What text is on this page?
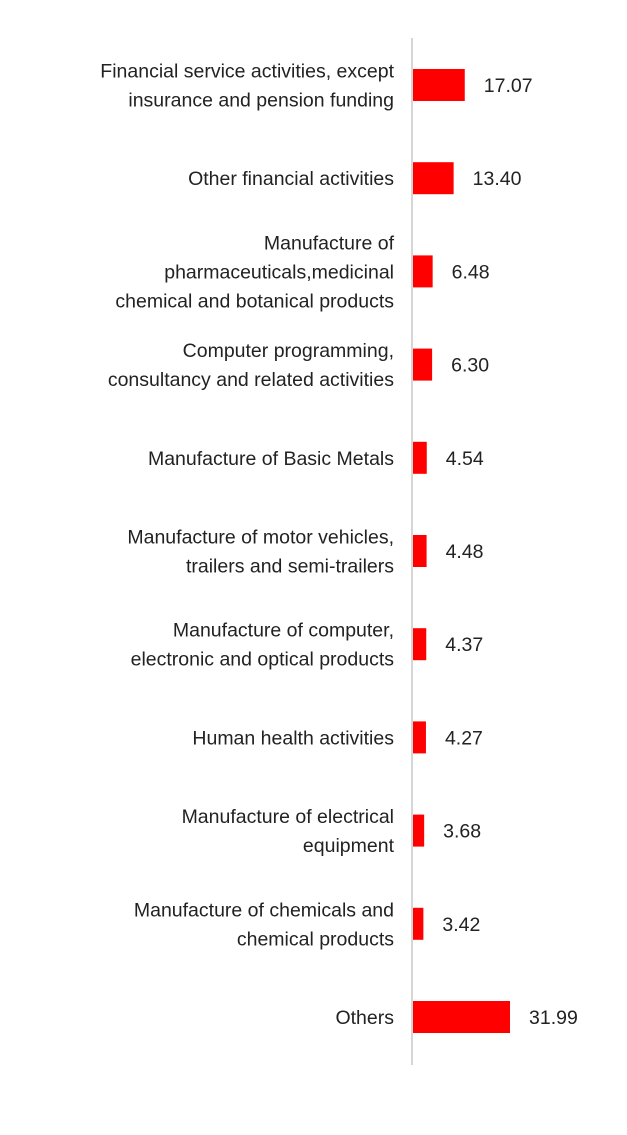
17.07
Financial service activities, except insurance and pension funding
13.40
Other financial activities
6.48
Manufacture of pharmaceuticals,medicinal chemical and botanical products
6.30
Computer programming, consultancy and related activities
4.54
Manufacture of Basic Metals
4.48
Manufacture of motor vehicles, trailers and semi-trailers
4.37
Manufacture of computer, electronic and optical products
4.27
Human health activities
3.68
Manufacture of electrical equipment
3.42
Manufacture of chemicals and chemical products
31.99
Others
